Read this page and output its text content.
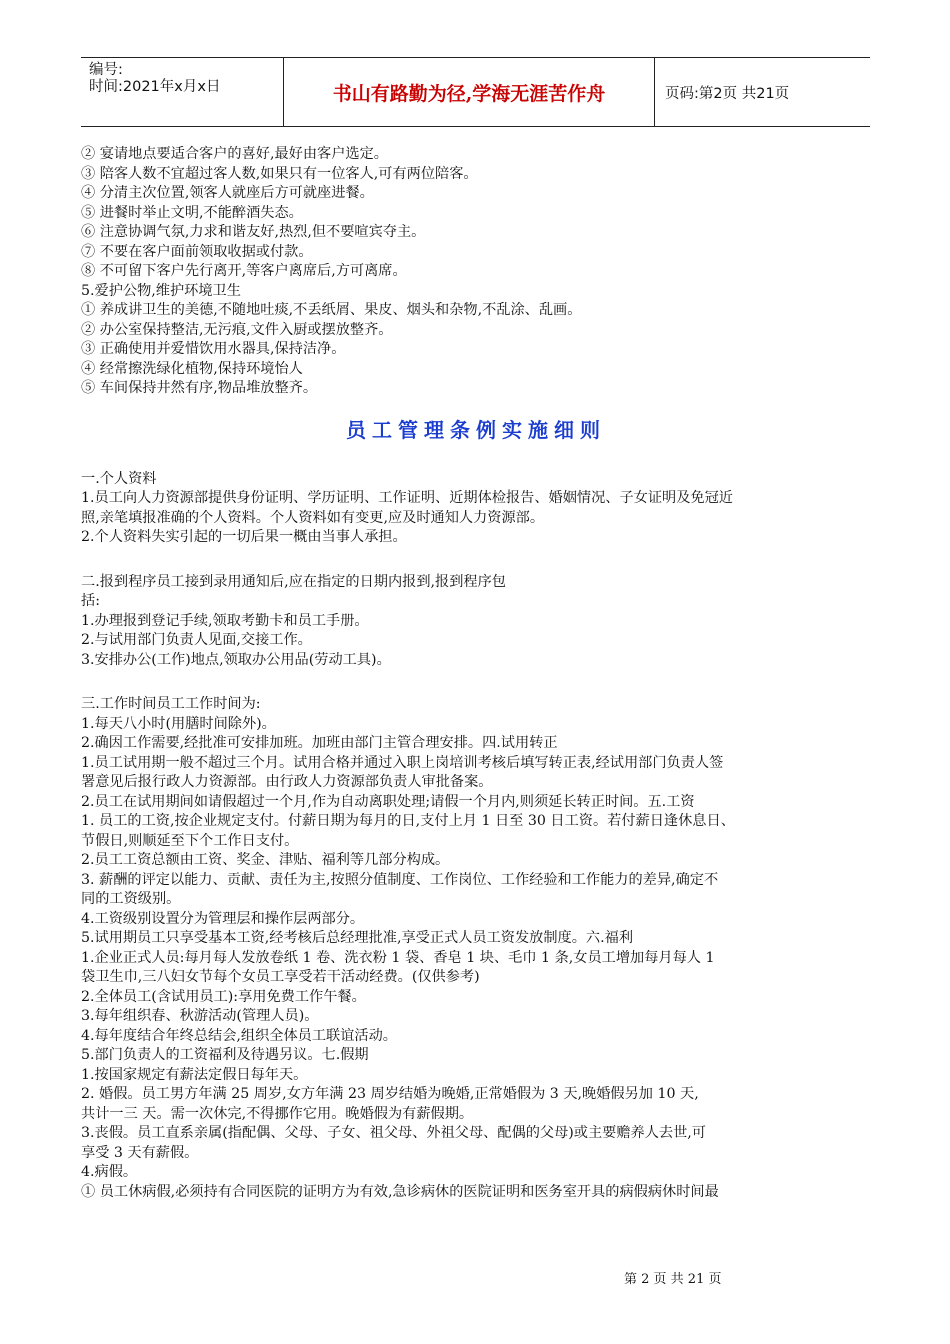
编号:
时间:2021年x月x日	书山有路勤为径,学海无涯苦作舟	页码:第2页 共21页
② 宴请地点要适合客户的喜好,最好由客户选定。
③ 陪客人数不宜超过客人数,如果只有一位客人,可有两位陪客。
④ 分清主次位置,领客人就座后方可就座进餐。
⑤ 进餐时举止文明,不能醉酒失态。
⑥ 注意协调气氛,力求和谐友好,热烈,但不要喧宾夺主。
⑦ 不要在客户面前领取收据或付款。
⑧ 不可留下客户先行离开,等客户离席后,方可离席。
5.爱护公物,维护环境卫生
① 养成讲卫生的美德,不随地吐痰,不丢纸屑、果皮、烟头和杂物,不乱涂、乱画。
② 办公室保持整洁,无污痕,文件入厨或摆放整齐。
③ 正确使用并爱惜饮用水器具,保持洁净。
④ 经常擦洗绿化植物,保持环境怡人
⑤ 车间保持井然有序,物品堆放整齐。
员工管理条例实施细则
一.个人资料
1.员工向人力资源部提供身份证明、学历证明、工作证明、近期体检报告、婚姻情况、子女证明及免冠近
照,亲笔填报准确的个人资料。个人资料如有变更,应及时通知人力资源部。
2.个人资料失实引起的一切后果一概由当事人承担。
二.报到程序员工接到录用通知后,应在指定的日期内报到,报到程序包
括:
1.办理报到登记手续,领取考勤卡和员工手册。
2.与试用部门负责人见面,交接工作。
3.安排办公(工作)地点,领取办公用品(劳动工具)。
三.工作时间员工工作时间为:
1.每天八小时(用膳时间除外)。
2.确因工作需要,经批准可安排加班。加班由部门主管合理安排。四.试用转正
1.员工试用期一般不超过三个月。试用合格并通过入职上岗培训考核后填写转正表,经试用部门负责人签
署意见后报行政人力资源部。由行政人力资源部负责人审批备案。
2.员工在试用期间如请假超过一个月,作为自动离职处理;请假一个月内,则须延长转正时间。五.工资
1. 员工的工资,按企业规定支付。付薪日期为每月的日,支付上月 1 日至 30 日工资。若付薪日逢休息日、
节假日,则顺延至下个工作日支付。
2.员工工资总额由工资、奖金、津贴、福利等几部分构成。
3. 薪酬的评定以能力、贡献、责任为主,按照分值制度、工作岗位、工作经验和工作能力的差异,确定不
同的工资级别。
4.工资级别设置分为管理层和操作层两部分。
5.试用期员工只享受基本工资,经考核后总经理批准,享受正式人员工资发放制度。六.福利
1.企业正式人员:每月每人发放卷纸 1 卷、洗衣粉 1 袋、香皂 1 块、毛巾 1 条,女员工增加每月每人 1
袋卫生巾,三八妇女节每个女员工享受若干活动经费。(仅供参考)
2.全体员工(含试用员工):享用免费工作午餐。
3.每年组织春、秋游活动(管理人员)。
4.每年度结合年终总结会,组织全体员工联谊活动。
5.部门负责人的工资福利及待遇另议。七.假期
1.按国家规定有薪法定假日每年天。
2. 婚假。员工男方年满 25 周岁,女方年满 23 周岁结婚为晚婚,正常婚假为 3 天,晚婚假另加 10 天,
共计一三 天。需一次休完,不得挪作它用。晚婚假为有薪假期。
3.丧假。员工直系亲属(指配偶、父母、子女、祖父母、外祖父母、配偶的父母)或主要赡养人去世,可
享受 3 天有薪假。
4.病假。
① 员工休病假,必须持有合同医院的证明方为有效,急诊病休的医院证明和医务室开具的病假病休时间最
第 2 页 共 21 页
